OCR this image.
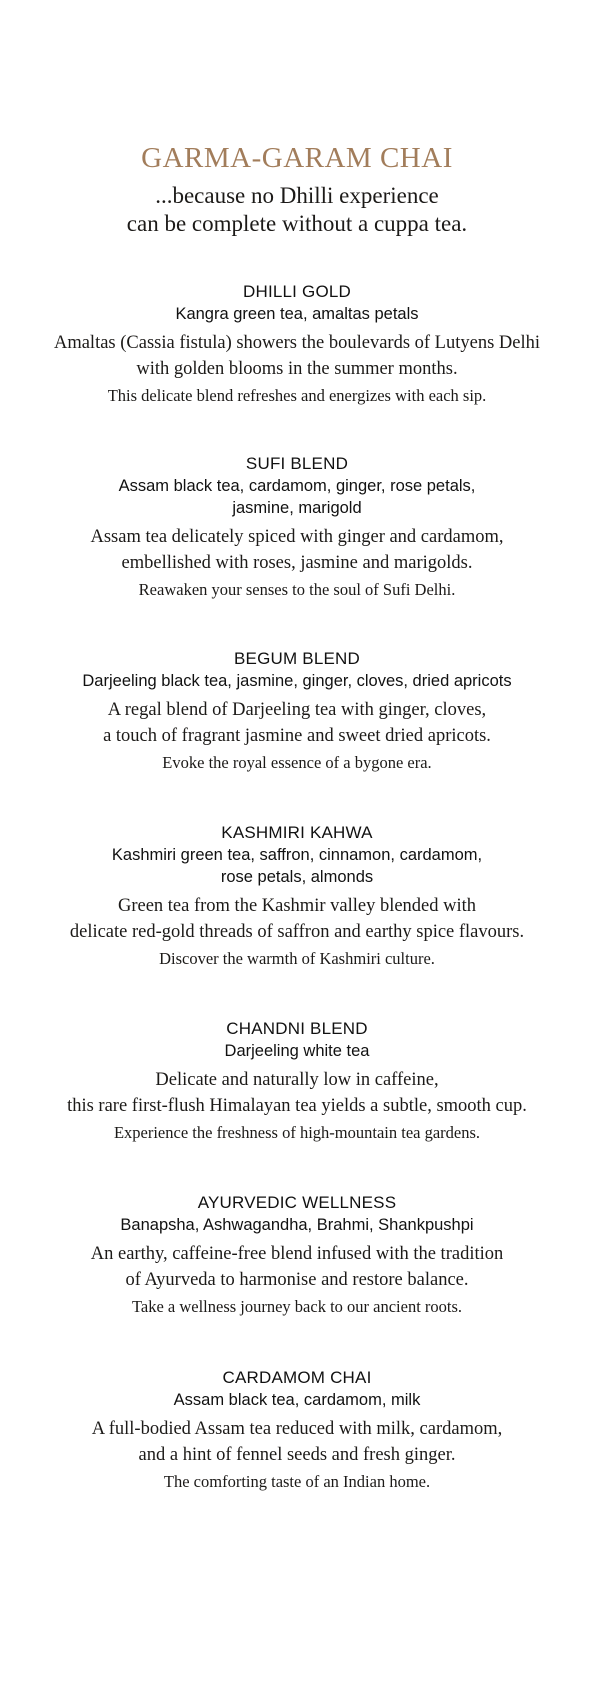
GARMA-GARAM CHAI
...because no Dhilli experience
can be complete without a cuppa tea.
DHILLI GOLD
Kangra green tea, amaltas petals
Amaltas (Cassia fistula) showers the boulevards of Lutyens Delhi
with golden blooms in the summer months.
This delicate blend refreshes and energizes with each sip.
SUFI BLEND
Assam black tea, cardamom, ginger, rose petals,
jasmine, marigold
Assam tea delicately spiced with ginger and cardamom,
embellished with roses, jasmine and marigolds.
Reawaken your senses to the soul of Sufi Delhi.
BEGUM BLEND
Darjeeling black tea, jasmine, ginger, cloves, dried apricots
A regal blend of Darjeeling tea with ginger, cloves,
a touch of fragrant jasmine and sweet dried apricots.
Evoke the royal essence of a bygone era.
KASHMIRI KAHWA
Kashmiri green tea, saffron, cinnamon, cardamom,
rose petals, almonds
Green tea from the Kashmir valley blended with
delicate red-gold threads of saffron and earthy spice flavours.
Discover the warmth of Kashmiri culture.
CHANDNI BLEND
Darjeeling white tea
Delicate and naturally low in caffeine,
this rare first-flush Himalayan tea yields a subtle, smooth cup.
Experience the freshness of high-mountain tea gardens.
AYURVEDIC WELLNESS
Banapsha, Ashwagandha, Brahmi, Shankpushpi
An earthy, caffeine-free blend infused with the tradition
of Ayurveda to harmonise and restore balance.
Take a wellness journey back to our ancient roots.
CARDAMOM CHAI
Assam black tea, cardamom, milk
A full-bodied Assam tea reduced with milk, cardamom,
and a hint of fennel seeds and fresh ginger.
The comforting taste of an Indian home.
